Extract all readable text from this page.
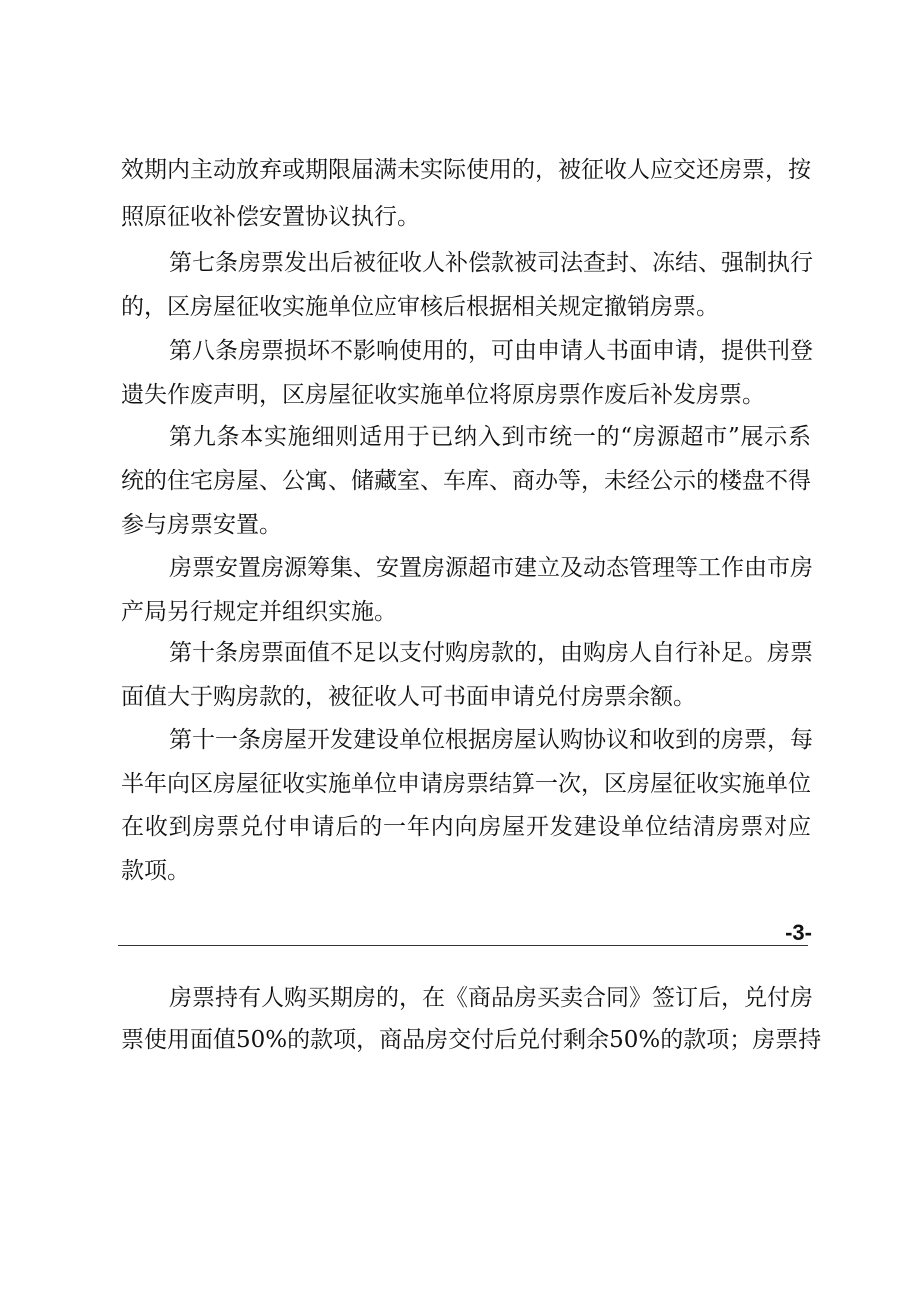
效期内主动放弃或期限届满未实际使用的，被征收人应交还房票，按
照原征收补偿安置协议执行。
第七条房票发出后被征收人补偿款被司法查封、冻结、强制执行
的，区房屋征收实施单位应审核后根据相关规定撤销房票。
第八条房票损坏不影响使用的，可由申请人书面申请，提供刊登
遗失作废声明，区房屋征收实施单位将原房票作废后补发房票。
第九条本实施细则适用于已纳入到市统一的“房源超市”展示系
统的住宅房屋、公寓、储藏室、车库、商办等，未经公示的楼盘不得
参与房票安置。
房票安置房源筹集、安置房源超市建立及动态管理等工作由市房
产局另行规定并组织实施。
第十条房票面值不足以支付购房款的，由购房人自行补足。房票
面值大于购房款的，被征收人可书面申请兑付房票余额。
第十一条房屋开发建设单位根据房屋认购协议和收到的房票，每
半年向区房屋征收实施单位申请房票结算一次，区房屋征收实施单位
在收到房票兑付申请后的一年内向房屋开发建设单位结清房票对应
款项。
-3-
房票持有人购买期房的，在《商品房买卖合同》签订后，兑付房
票使用面值50%的款项，商品房交付后兑付剩余50%的款项；房票持
